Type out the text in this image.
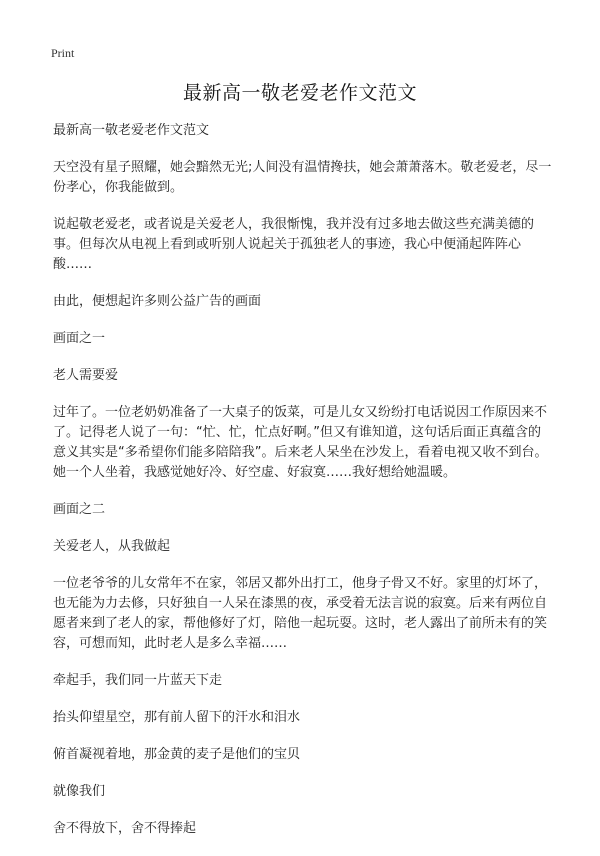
Print
最新高一敬老爱老作文范文

最新高一敬老爱老作文范文

天空没有星子照耀，她会黯然无光;人间没有温情搀扶，她会萧萧落木。敬老爱老，尽一份孝心，你我能做到。

说起敬老爱老，或者说是关爱老人，我很惭愧，我并没有过多地去做这些充满美德的事。但每次从电视上看到或听别人说起关于孤独老人的事迹，我心中便涌起阵阵心酸……

由此，便想起许多则公益广告的画面

画面之一

老人需要爱

过年了。一位老奶奶准备了一大桌子的饭菜，可是儿女又纷纷打电话说因工作原因来不了。记得老人说了一句：“忙、忙，忙点好啊。”但又有谁知道，这句话后面正真蕴含的意义其实是“多希望你们能多陪陪我”。后来老人呆坐在沙发上，看着电视又收不到台。她一个人坐着，我感觉她好冷、好空虚、好寂寞……我好想给她温暖。

画面之二

关爱老人，从我做起

一位老爷爷的儿女常年不在家，邻居又都外出打工，他身子骨又不好。家里的灯坏了，也无能为力去修，只好独自一人呆在漆黑的夜，承受着无法言说的寂寞。后来有两位自愿者来到了老人的家，帮他修好了灯，陪他一起玩耍。这时，老人露出了前所未有的笑容，可想而知，此时老人是多么幸福……

牵起手，我们同一片蓝天下走

抬头仰望星空，那有前人留下的汗水和泪水

俯首凝视着地，那金黄的麦子是他们的宝贝

就像我们

舍不得放下，舍不得捧起
